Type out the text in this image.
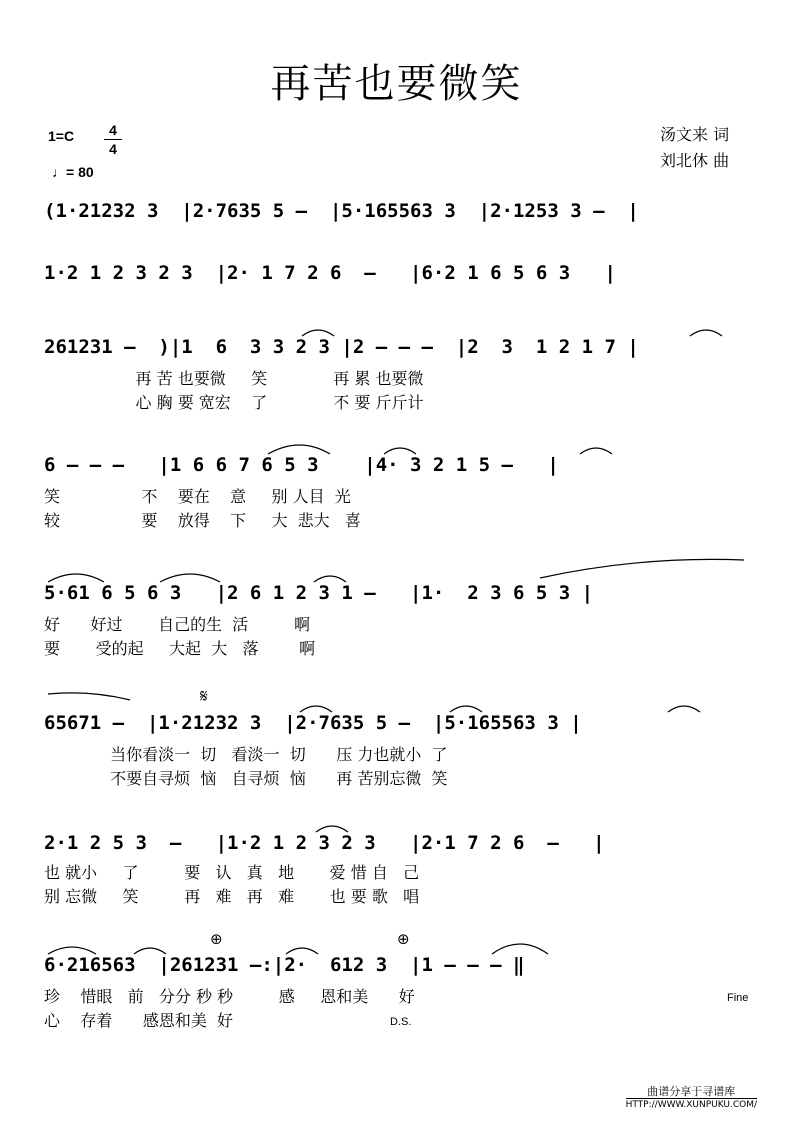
再苦也要微笑
1=C	4
4
♩= 80
汤文来 词
刘北休 曲
(1·21232 3  |2·7635 5 —  |5·165563 3  |2·1253 3 —  |
1·2 1 2 3 2 3  |2· 1 7 2 6  —   |6·2 1 6 5 6 3   |
261231 —  )|1  6  3 3 2 3 |2 — — —  |2  3  1 2 1 7 |
再 苦 也要微     笑             再 累 也要微
心 胸 要 宽宏    了             不 要 斤斤计
6 — — —   |1 6 6 7 6 5 3    |4· 3 2 1 5 —   |
笑                不    要在    意     别 人目  光
较                要    放得    下     大  悲大   喜
5·61 6 5 6 3   |2 6 1 2 3 1 —   |1·  2 3 6 5 3 |
好      好过       自己的生  活         啊
要       受的起     大起  大   落        啊
65671 —  |1·21232 3  |2·7635 5 —  |5·165563 3 |
当你看淡一  切   看淡一  切      压 力也就小  了
不要自寻烦  恼   自寻烦  恼      再 苦别忘微  笑
2·1 2 5 3  —   |1·2 1 2 3 2 3   |2·1 7 2 6  —   |
也 就小     了         要   认   真   地       爱 惜 自   己
别 忘微     笑         再   难   再   难       也 要 歌   唱
6·216563  |261231 —:|2·  612 3  |1 — — — ‖
珍    惜眼   前   分分 秒 秒         感     恩和美      好
心    存着      感恩和美  好
𝄋
⊕	⊕
Fine
D.S.
曲谱分享于寻谱库
HTTP://WWW.XUNPUKU.COM/
